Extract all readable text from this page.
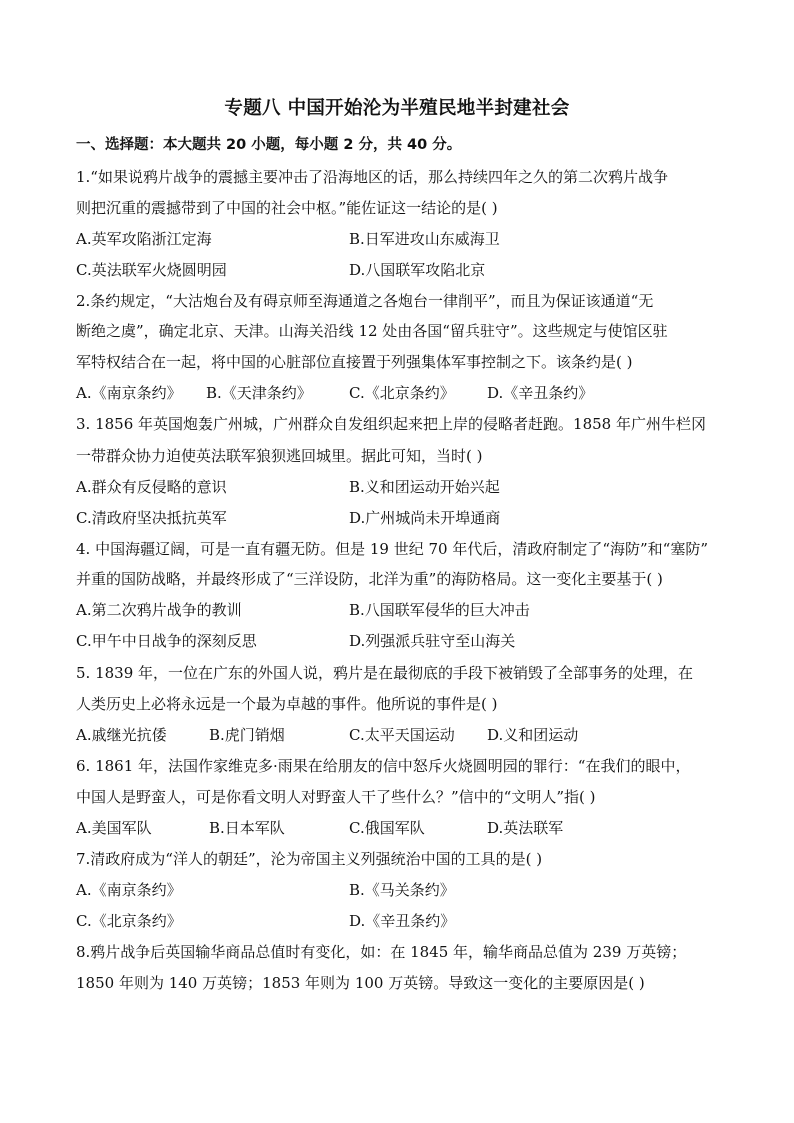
专题八 中国开始沦为半殖民地半封建社会
一、选择题：本大题共 20 小题，每小题 2 分，共 40 分。
1.“如果说鸦片战争的震撼主要冲击了沿海地区的话，那么持续四年之久的第二次鸦片战争
则把沉重的震撼带到了中国的社会中枢。”能佐证这一结论的是( )
A.英军攻陷浙江定海	B.日军进攻山东威海卫
C.英法联军火烧圆明园	D.八国联军攻陷北京
2.条约规定，“大沽炮台及有碍京师至海通道之各炮台一律削平”，而且为保证该通道“无
断绝之虞”，确定北京、天津。山海关沿线 12 处由各国“留兵驻守”。这些规定与使馆区驻
军特权结合在一起，将中国的心脏部位直接置于列强集体军事控制之下。该条约是( )
A.《南京条约》 B.《天津条约》 C.《北京条约》 D.《辛丑条约》
3. 1856 年英国炮轰广州城，广州群众自发组织起来把上岸的侵略者赶跑。1858 年广州牛栏冈
一带群众协力迫使英法联军狼狈逃回城里。据此可知，当时( )
A.群众有反侵略的意识	B.义和团运动开始兴起
C.清政府坚决抵抗英军	D.广州城尚未开埠通商
4. 中国海疆辽阔，可是一直有疆无防。但是 19 世纪 70 年代后，清政府制定了“海防”和“塞防”
并重的国防战略，并最终形成了“三洋设防，北洋为重”的海防格局。这一变化主要基于( )
A.第二次鸦片战争的教训	B.八国联军侵华的巨大冲击
C.甲午中日战争的深刻反思	D.列强派兵驻守至山海关
5. 1839 年，一位在广东的外国人说，鸦片是在最彻底的手段下被销毁了全部事务的处理，在
人类历史上必将永远是一个最为卓越的事件。他所说的事件是( )
A.戚继光抗倭	B.虎门销烟	C.太平天国运动 D.义和团运动
6. 1861 年，法国作家维克多·雨果在给朋友的信中怒斥火烧圆明园的罪行：“在我们的眼中，
中国人是野蛮人，可是你看文明人对野蛮人干了些什么？”信中的“文明人”指( )
A.美国军队	B.日本军队	C.俄国军队	D.英法联军
7.清政府成为“洋人的朝廷”，沦为帝国主义列强统治中国的工具的是( )
A.《南京条约》	B.《马关条约》
C.《北京条约》	D.《辛丑条约》
8.鸦片战争后英国输华商品总值时有变化，如：在 1845 年，输华商品总值为 239 万英镑；
1850 年则为 140 万英镑；1853 年则为 100 万英镑。导致这一变化的主要原因是( )
